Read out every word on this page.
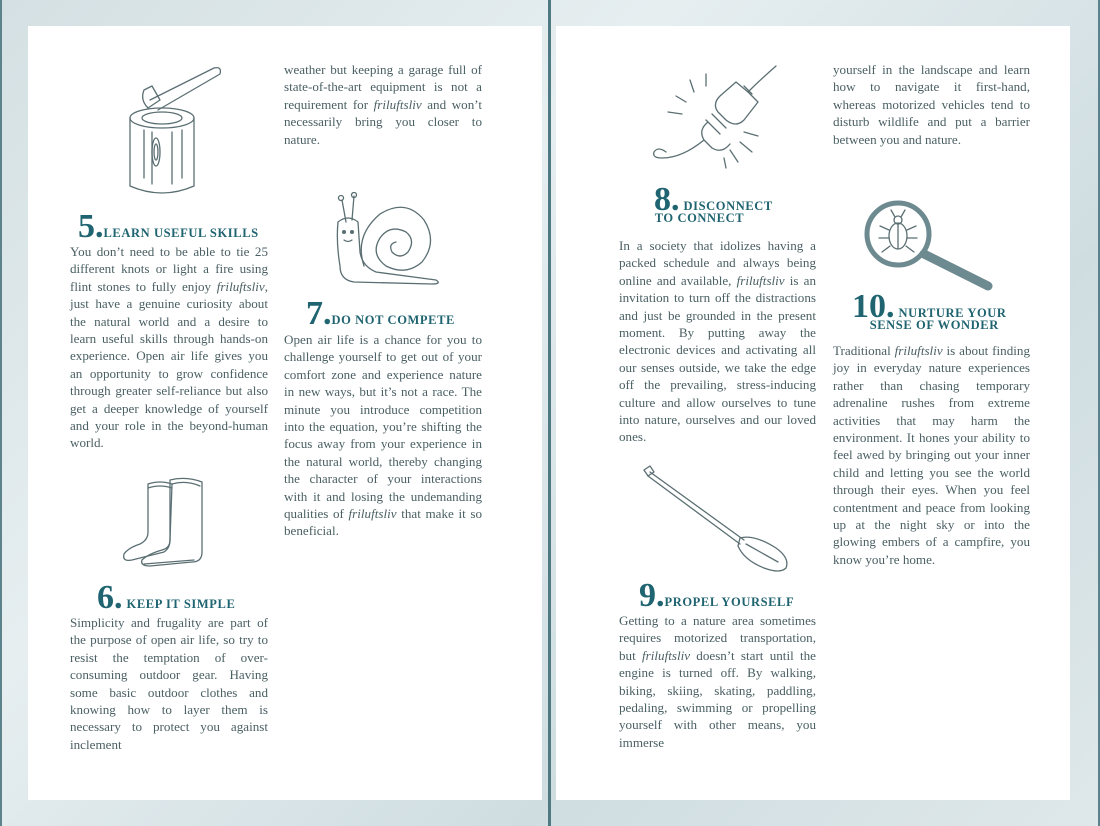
5.LEARN USEFUL SKILLS
You don’t need to be able to tie 25 different knots or light a fire using flint stones to fully enjoy friluftsliv, just have a genuine curiosity about the natural world and a desire to learn useful skills through hands-on experience. Open air life gives you an opportunity to grow confidence through greater self-reliance but also get a deeper knowledge of yourself and your role in the beyond-human world.
6. KEEP IT SIMPLE
Simplicity and frugality are part of the purpose of open air life, so try to resist the temptation of over-consuming outdoor gear. Having some basic outdoor clothes and knowing how to layer them is necessary to protect you against inclement
weather but keeping a garage full of state-of-the-art equipment is not a requirement for friluftsliv and won’t necessarily bring you closer to nature.
7.DO NOT COMPETE
Open air life is a chance for you to challenge yourself to get out of your comfort zone and experience nature in new ways, but it’s not a race. The minute you introduce competition into the equation, you’re shifting the focus away from your experience in the natural world, thereby changing the character of your interactions with it and losing the undemanding qualities of friluftsliv that make it so beneficial.
8. DISCONNECT
TO CONNECT
In a society that idolizes having a packed schedule and always being online and available, friluftsliv is an invitation to turn off the distractions and just be grounded in the present moment. By putting away the electronic devices and activating all our senses outside, we take the edge off the prevailing, stress-inducing culture and allow ourselves to tune into nature, ourselves and our loved ones.
9.PROPEL YOURSELF
Getting to a nature area sometimes requires motorized transportation, but friluftsliv doesn’t start until the engine is turned off. By walking, biking, skiing, skating, paddling, pedaling, swimming or propelling yourself with other means, you immerse
yourself in the landscape and learn how to navigate it first-hand, whereas motorized vehicles tend to disturb wildlife and put a barrier between you and nature.
10. NURTURE YOUR
SENSE OF WONDER
Traditional friluftsliv is about finding joy in everyday nature experiences rather than chasing temporary adrenaline rushes from extreme activities that may harm the environment. It hones your ability to feel awed by bringing out your inner child and letting you see the world through their eyes. When you feel contentment and peace from looking up at the night sky or into the glowing embers of a campfire, you know you’re home.
